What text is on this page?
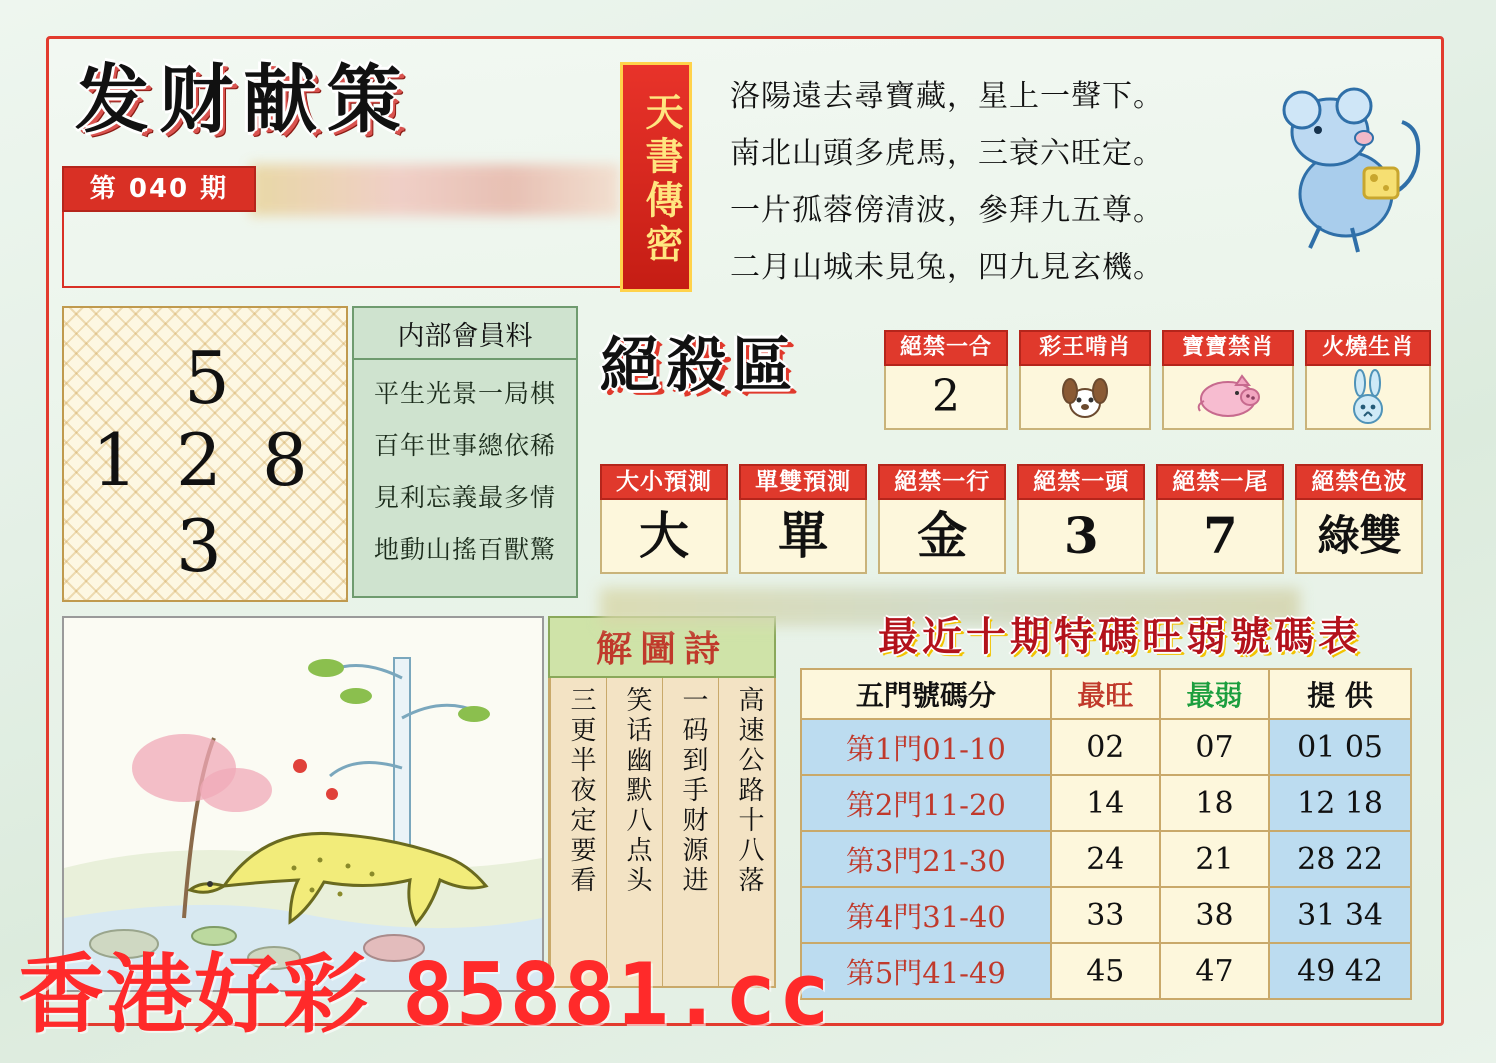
发财献策
第 040 期	天書傳密	洛陽遠去尋寶藏，星上一聲下。
南北山頭多虎馬，三衰六旺定。
一片孤蓉傍清波，參拜九五尊。
二月山城未見兔，四九見玄機。
5
1 2 8
3
内部會員料
平生光景一局棋
百年世事總依稀
見利忘義最多情
地動山搖百獸驚
絕殺區	絕禁一合
2

彩王啃肖
	寶寶禁肖
	火燒生肖
大小預測
大

單雙預測
單

絕禁一行
金

絕禁一頭
3

絕禁一尾
7

絕禁色波
綠雙
解圖詩
高速公路十八落
一码到手财源进
笑话幽默八点头
三更半夜定要看
最近十期特碼旺弱號碼表
五門號碼分	最旺	最弱	提 供
第1門01-10	02	07	01 05
第2門11-20	14	18	12 18
第3門21-30	24	21	28 22
第4門31-40	33	38	31 34
第5門41-49	45	47	49 42
香港好彩 85881.cc
